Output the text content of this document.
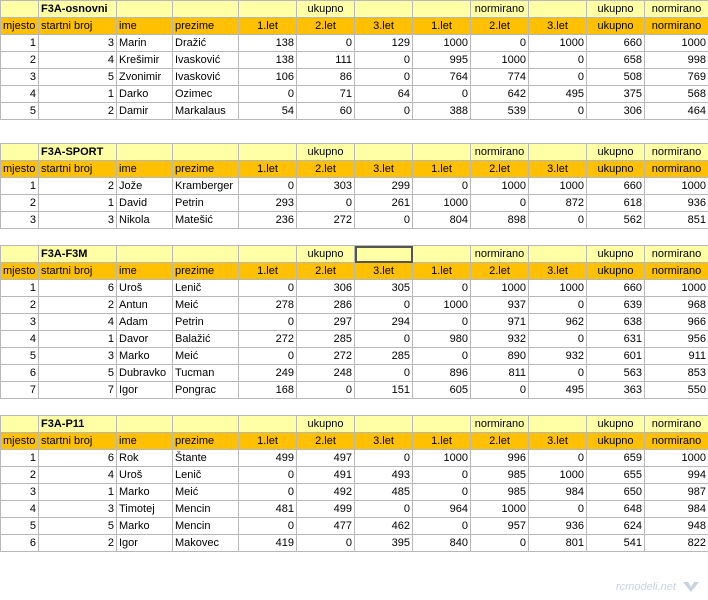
	F3A-osnovni				ukupno			normirano		ukupno	normirano
mjesto	startni broj	ime	prezime	1.let	2.let	3.let	1.let	2.let	3.let	ukupno	normirano
1	3	Marin	Dražić	138	0	129	1000	0	1000	660	1000
2	4	Krešimir	Ivasković	138	111	0	995	1000	0	658	998
3	5	Zvonimir	Ivasković	106	86	0	764	774	0	508	769
4	1	Darko	Ozimec	0	71	64	0	642	495	375	568
5	2	Damir	Markalaus	54	60	0	388	539	0	306	464

	F3A-SPORT				ukupno			normirano		ukupno	normirano
mjesto	startni broj	ime	prezime	1.let	2.let	3.let	1.let	2.let	3.let	ukupno	normirano
1	2	Jože	Kramberger	0	303	299	0	1000	1000	660	1000
2	1	David	Petrin	293	0	261	1000	0	872	618	936
3	3	Nikola	Matešić	236	272	0	804	898	0	562	851

	F3A-F3M				ukupno			normirano		ukupno	normirano
mjesto	startni broj	ime	prezime	1.let	2.let	3.let	1.let	2.let	3.let	ukupno	normirano
1	6	Uroš	Lenič	0	306	305	0	1000	1000	660	1000
2	2	Antun	Meić	278	286	0	1000	937	0	639	968
3	4	Adam	Petrin	0	297	294	0	971	962	638	966
4	1	Davor	Balažić	272	285	0	980	932	0	631	956
5	3	Marko	Meić	0	272	285	0	890	932	601	911
6	5	Dubravko	Tucman	249	248	0	896	811	0	563	853
7	7	Igor	Pongrac	168	0	151	605	0	495	363	550

	F3A-P11				ukupno			normirano		ukupno	normirano
mjesto	startni broj	ime	prezime	1.let	2.let	3.let	1.let	2.let	3.let	ukupno	normirano
1	6	Rok	Štante	499	497	0	1000	996	0	659	1000
2	4	Uroš	Lenič	0	491	493	0	985	1000	655	994
3	1	Marko	Meić	0	492	485	0	985	984	650	987
4	3	Timotej	Mencin	481	499	0	964	1000	0	648	984
5	5	Marko	Mencin	0	477	462	0	957	936	624	948
6	2	Igor	Makovec	419	0	395	840	0	801	541	822
rcmodeli.net
